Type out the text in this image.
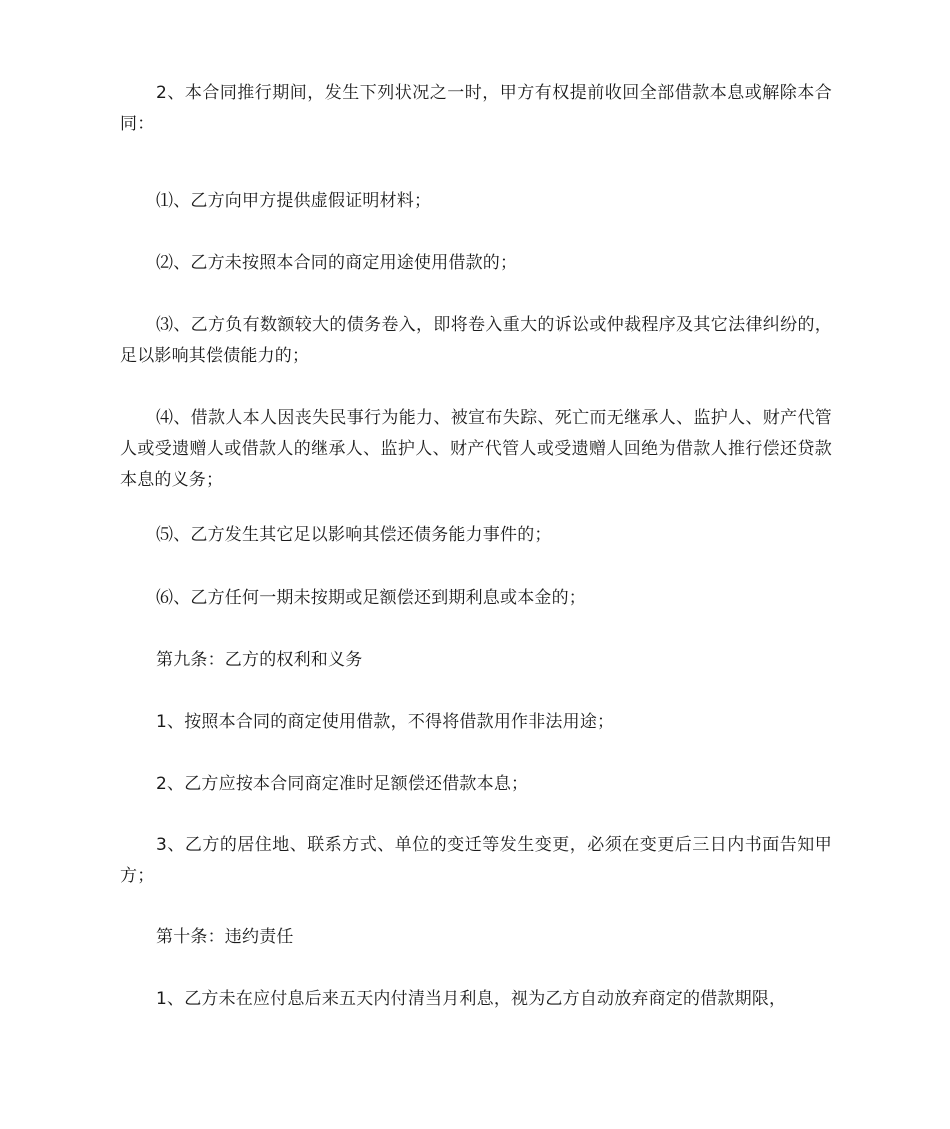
2、本合同推行期间，发生下列状况之一时，甲方有权提前收回全部借款本息或解除本合同：

⑴、乙方向甲方提供虚假证明材料；

⑵、乙方未按照本合同的商定用途使用借款的；

⑶、乙方负有数额较大的债务卷入，即将卷入重大的诉讼或仲裁程序及其它法律纠纷的，足以影响其偿债能力的；

⑷、借款人本人因丧失民事行为能力、被宣布失踪、死亡而无继承人、监护人、财产代管人或受遗赠人或借款人的继承人、监护人、财产代管人或受遗赠人回绝为借款人推行偿还贷款本息的义务；

⑸、乙方发生其它足以影响其偿还债务能力事件的；

⑹、乙方任何一期未按期或足额偿还到期利息或本金的；

第九条：乙方的权利和义务

1、按照本合同的商定使用借款，不得将借款用作非法用途；

2、乙方应按本合同商定准时足额偿还借款本息；

3、乙方的居住地、联系方式、单位的变迁等发生变更，必须在变更后三日内书面告知甲方；

第十条：违约责任

1、乙方未在应付息后来五天内付清当月利息，视为乙方自动放弃商定的借款期限，
